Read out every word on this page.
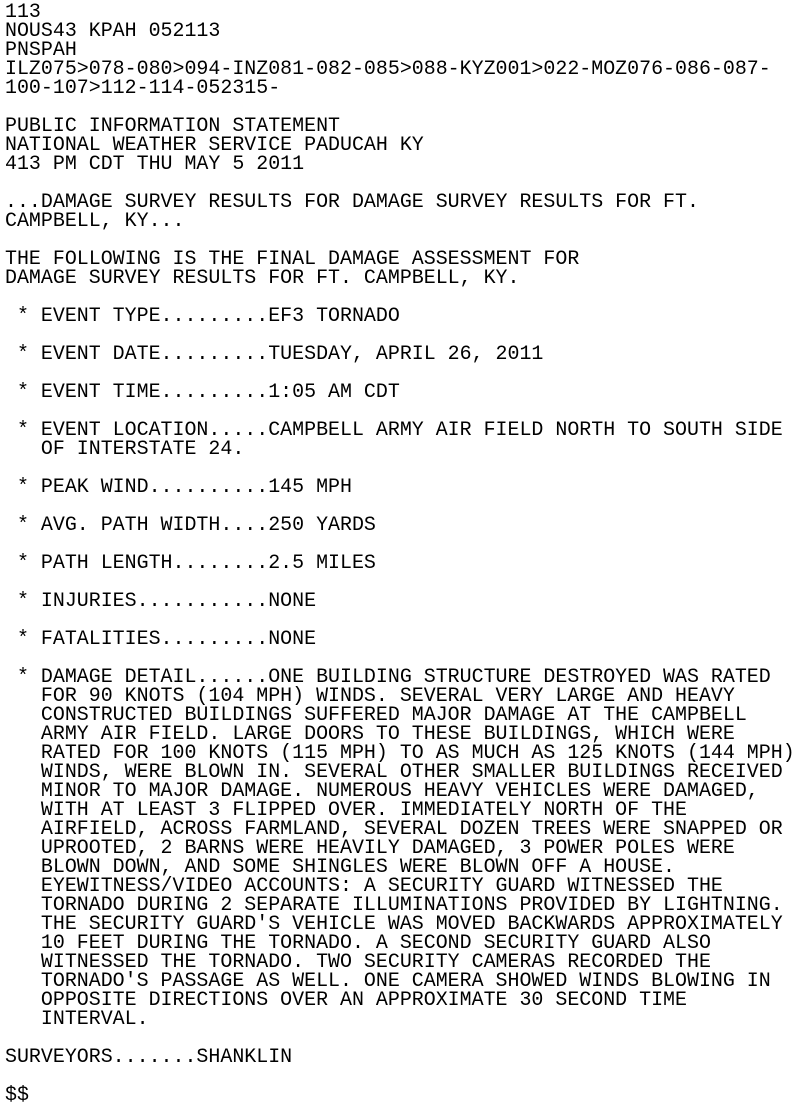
113
NOUS43 KPAH 052113
PNSPAH
ILZ075>078-080>094-INZ081-082-085>088-KYZ001>022-MOZ076-086-087-
100-107>112-114-052315-
PUBLIC INFORMATION STATEMENT
NATIONAL WEATHER SERVICE PADUCAH KY
413 PM CDT THU MAY 5 2011
...DAMAGE SURVEY RESULTS FOR DAMAGE SURVEY RESULTS FOR FT.
CAMPBELL, KY...
THE FOLLOWING IS THE FINAL DAMAGE ASSESSMENT FOR
DAMAGE SURVEY RESULTS FOR FT. CAMPBELL, KY.
* EVENT TYPE.........EF3 TORNADO
* EVENT DATE.........TUESDAY, APRIL 26, 2011
* EVENT TIME.........1:05 AM CDT
* EVENT LOCATION.....CAMPBELL ARMY AIR FIELD NORTH TO SOUTH SIDE
OF INTERSTATE 24.
* PEAK WIND..........145 MPH
* AVG. PATH WIDTH....250 YARDS
* PATH LENGTH........2.5 MILES
* INJURIES...........NONE
* FATALITIES.........NONE
* DAMAGE DETAIL......ONE BUILDING STRUCTURE DESTROYED WAS RATED
FOR 90 KNOTS (104 MPH) WINDS. SEVERAL VERY LARGE AND HEAVY
CONSTRUCTED BUILDINGS SUFFERED MAJOR DAMAGE AT THE CAMPBELL
ARMY AIR FIELD. LARGE DOORS TO THESE BUILDINGS, WHICH WERE
RATED FOR 100 KNOTS (115 MPH) TO AS MUCH AS 125 KNOTS (144 MPH)
WINDS, WERE BLOWN IN. SEVERAL OTHER SMALLER BUILDINGS RECEIVED
MINOR TO MAJOR DAMAGE. NUMEROUS HEAVY VEHICLES WERE DAMAGED,
WITH AT LEAST 3 FLIPPED OVER. IMMEDIATELY NORTH OF THE
AIRFIELD, ACROSS FARMLAND, SEVERAL DOZEN TREES WERE SNAPPED OR
UPROOTED, 2 BARNS WERE HEAVILY DAMAGED, 3 POWER POLES WERE
BLOWN DOWN, AND SOME SHINGLES WERE BLOWN OFF A HOUSE.
EYEWITNESS/VIDEO ACCOUNTS: A SECURITY GUARD WITNESSED THE
TORNADO DURING 2 SEPARATE ILLUMINATIONS PROVIDED BY LIGHTNING.
THE SECURITY GUARD'S VEHICLE WAS MOVED BACKWARDS APPROXIMATELY
10 FEET DURING THE TORNADO. A SECOND SECURITY GUARD ALSO
WITNESSED THE TORNADO. TWO SECURITY CAMERAS RECORDED THE
TORNADO'S PASSAGE AS WELL. ONE CAMERA SHOWED WINDS BLOWING IN
OPPOSITE DIRECTIONS OVER AN APPROXIMATE 30 SECOND TIME
INTERVAL.
SURVEYORS.......SHANKLIN
$$
